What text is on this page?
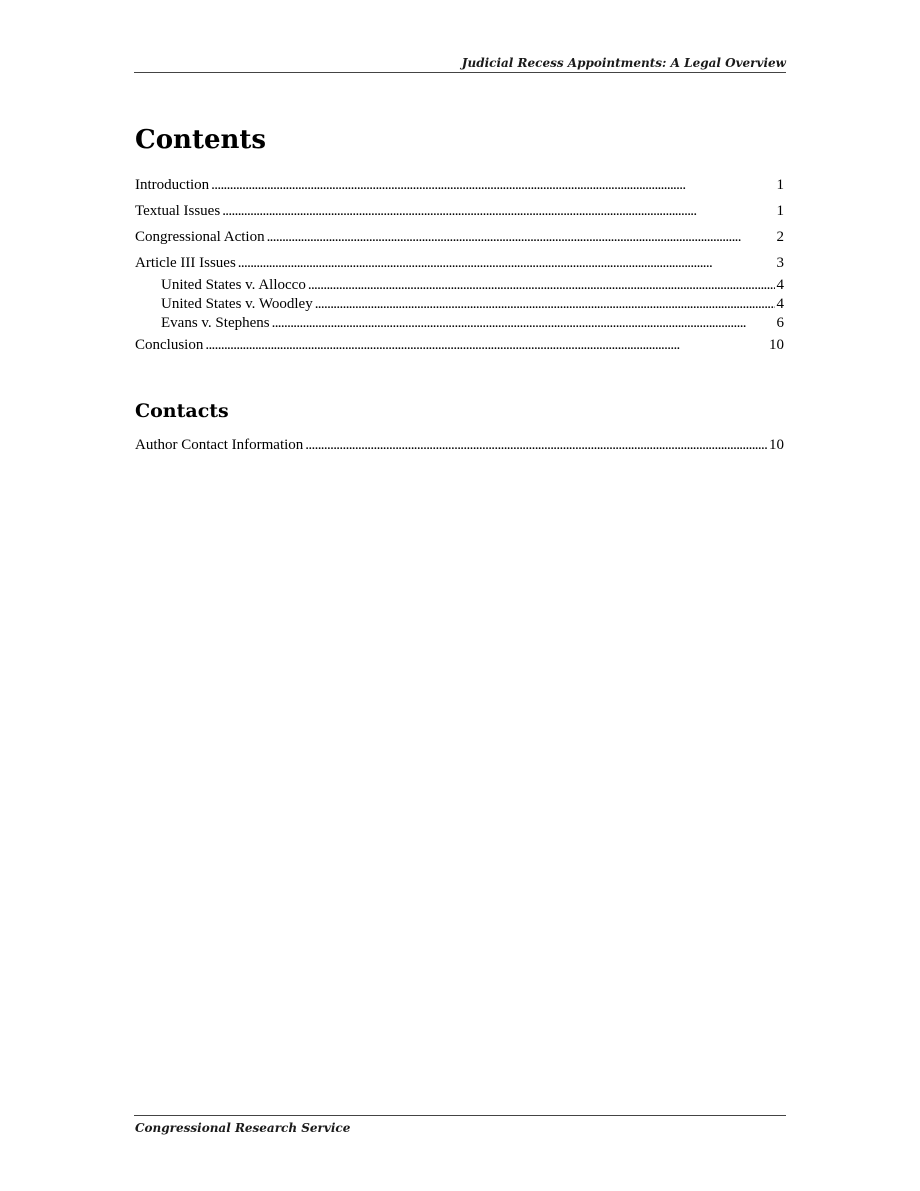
Judicial Recess Appointments: A Legal Overview
Contents
Introduction . . .	1
Textual Issues . . .	1
Congressional Action . . .	2
Article III Issues . . .	3
United States v. Allocco . . .	4
United States v. Woodley . . .	4
Evans v. Stephens . . .	6
Conclusion . . .	10
Contacts
Author Contact Information . . .	10
Congressional Research Service
